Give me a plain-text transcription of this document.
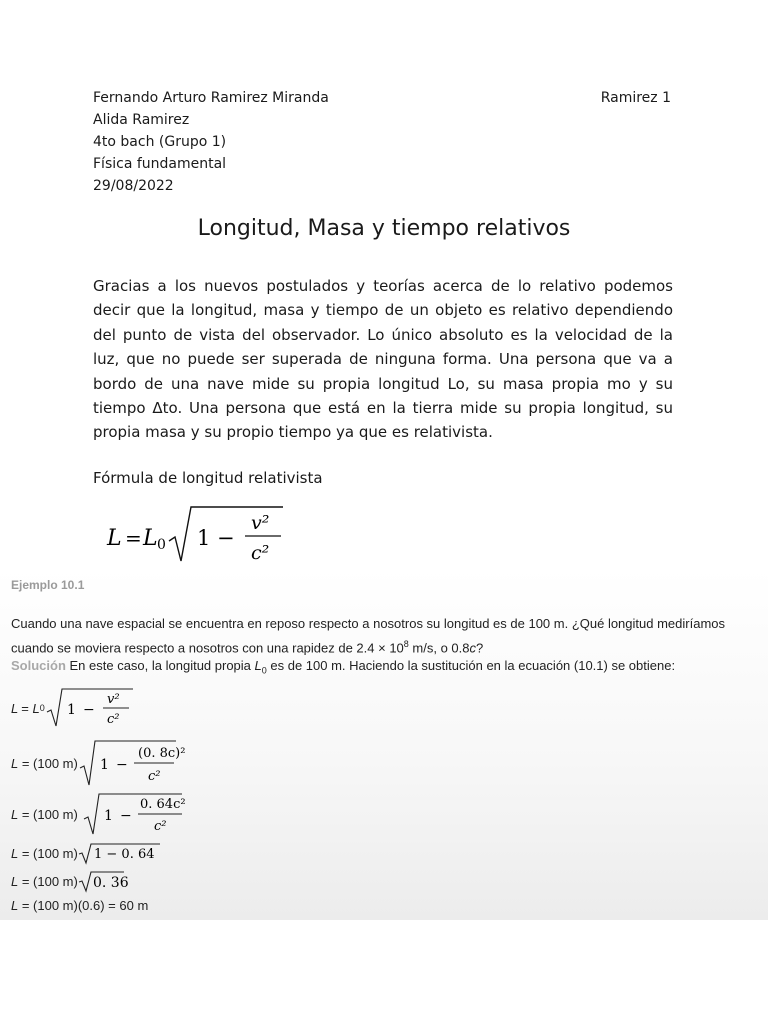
Fernando Arturo Ramirez Miranda	Ramirez 1
Alida Ramirez
4to bach (Grupo 1)
Física fundamental
29/08/2022
Longitud, Masa y tiempo relativos
Gracias a los nuevos postulados y teorías acerca de lo relativo podemos decir que la longitud, masa y tiempo de un objeto es relativo dependiendo del punto de vista del observador. Lo único absoluto es la velocidad de la luz, que no puede ser superada de ninguna forma. Una persona que va a bordo de una nave mide su propia longitud Lo, su masa propia mo y su tiempo Δto. Una persona que está en la tierra mide su propia longitud, su propia masa y su propio tiempo ya que es relativista.
Fórmula de longitud relativista
L = L 0 1 −
v²
c²
Ejemplo 10.1
Cuando una nave espacial se encuentra en reposo respecto a nosotros su longitud es de 100 m. ¿Qué longitud mediríamos cuando se moviera respecto a nosotros con una rapidez de $2.4 \times 10^8$ m/s, o 0.8c?
Solución En este caso, la longitud propia $L_0$ es de 100 m. Haciendo la sustitución en la ecuación (10.1) se obtiene:
L = L 0 1 −
v²
c²
L = (100 m) 1 −
(0. 8c)²
c²
L = (100 m) 1 −
0. 64c²
c²
L = (100 m) 1 − 0. 64
L = (100 m) 0. 36
L = (100 m)(0.6) = 60 m
